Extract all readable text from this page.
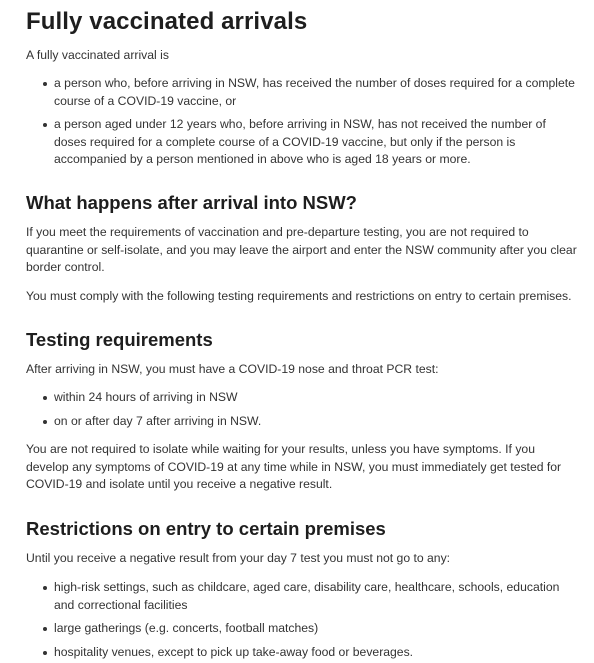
Fully vaccinated arrivals

A fully vaccinated arrival is

a person who, before arriving in NSW, has received the number of doses required for a complete course of a COVID-19 vaccine, or
a person aged under 12 years who, before arriving in NSW, has not received the number of doses required for a complete course of a COVID-19 vaccine, but only if the person is accompanied by a person mentioned in above who is aged 18 years or more.
What happens after arrival into NSW?

If you meet the requirements of vaccination and pre-departure testing, you are not required to quarantine or self-isolate, and you may leave the airport and enter the NSW community after you clear border control.

You must comply with the following testing requirements and restrictions on entry to certain premises.

Testing requirements

After arriving in NSW, you must have a COVID-19 nose and throat PCR test:

within 24 hours of arriving in NSW
on or after day 7 after arriving in NSW.

You are not required to isolate while waiting for your results, unless you have symptoms. If you develop any symptoms of COVID-19 at any time while in NSW, you must immediately get tested for COVID-19 and isolate until you receive a negative result.

Restrictions on entry to certain premises

Until you receive a negative result from your day 7 test you must not go to any:

high-risk settings, such as childcare, aged care, disability care, healthcare, schools, education and correctional facilities
large gatherings (e.g. concerts, football matches)
hospitality venues, except to pick up take-away food or beverages.
